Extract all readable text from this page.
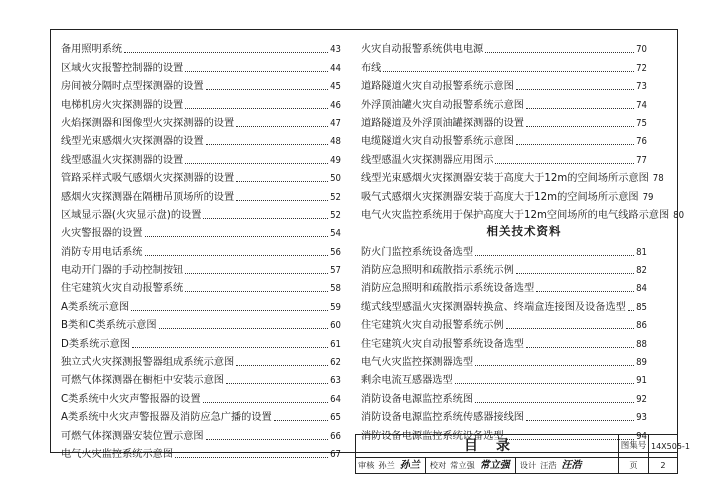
备用照明系统	43
区域火灾报警控制器的设置	44
房间被分隔时点型探测器的设置	45
电梯机房火灾探测器的设置	46
火焰探测器和图像型火灾探测器的设置	47
线型光束感烟火灾探测器的设置	48
线型感温火灾探测器的设置	49
管路采样式吸气感烟火灾探测器的设置	50
感烟火灾探测器在隔栅吊顶场所的设置	52
区域显示器(火灾显示盘)的设置	52
火灾警报器的设置	54
消防专用电话系统	56
电动开门器的手动控制按钮	57
住宅建筑火灾自动报警系统	58
A类系统示意图	59
B类和C类系统示意图	60
D类系统示意图	61
独立式火灾探测报警器组成系统示意图	62
可燃气体探测器在橱柜中安装示意图	63
C类系统中火灾声警报器的设置	64
A类系统中火灾声警报器及消防应急广播的设置	65
可燃气体探测器安装位置示意图	66
电气火灾监控系统示意图	67
火灾自动报警系统供电电源	70
布线	72
道路隧道火灾自动报警系统示意图	73
外浮顶油罐火灾自动报警系统示意图	74
道路隧道及外浮顶油罐探测器的设置	75
电缆隧道火灾自动报警系统示意图	76
线型感温火灾探测器应用图示	77
线型光束感烟火灾探测器安装于高度大于12m的空间场所示意图 78
吸气式感烟火灾探测器安装于高度大于12m的空间场所示意图 79
电气火灾监控系统用于保护高度大于12m空间场所的电气线路示意图 80
相关技术资料
防火门监控系统设备选型	81
消防应急照明和疏散指示系统示例	82
消防应急照明和疏散指示系统设备选型	84
缆式线型感温火灾探测器转换盒、终端盒连接图及设备选型 85
住宅建筑火灾自动报警系统示例	86
住宅建筑火灾自动报警系统设备选型	88
电气火灾监控探测器选型	89
剩余电流互感器选型	91
消防设备电源监控系统图	92
消防设备电源监控系统传感器接线图	93
消防设备电源监控系统设备选型	94
目录	图集号 14X505-1
审核 孙兰 孙兰	校对 常立强 常立强	设计 汪浩 汪浩	页	2
